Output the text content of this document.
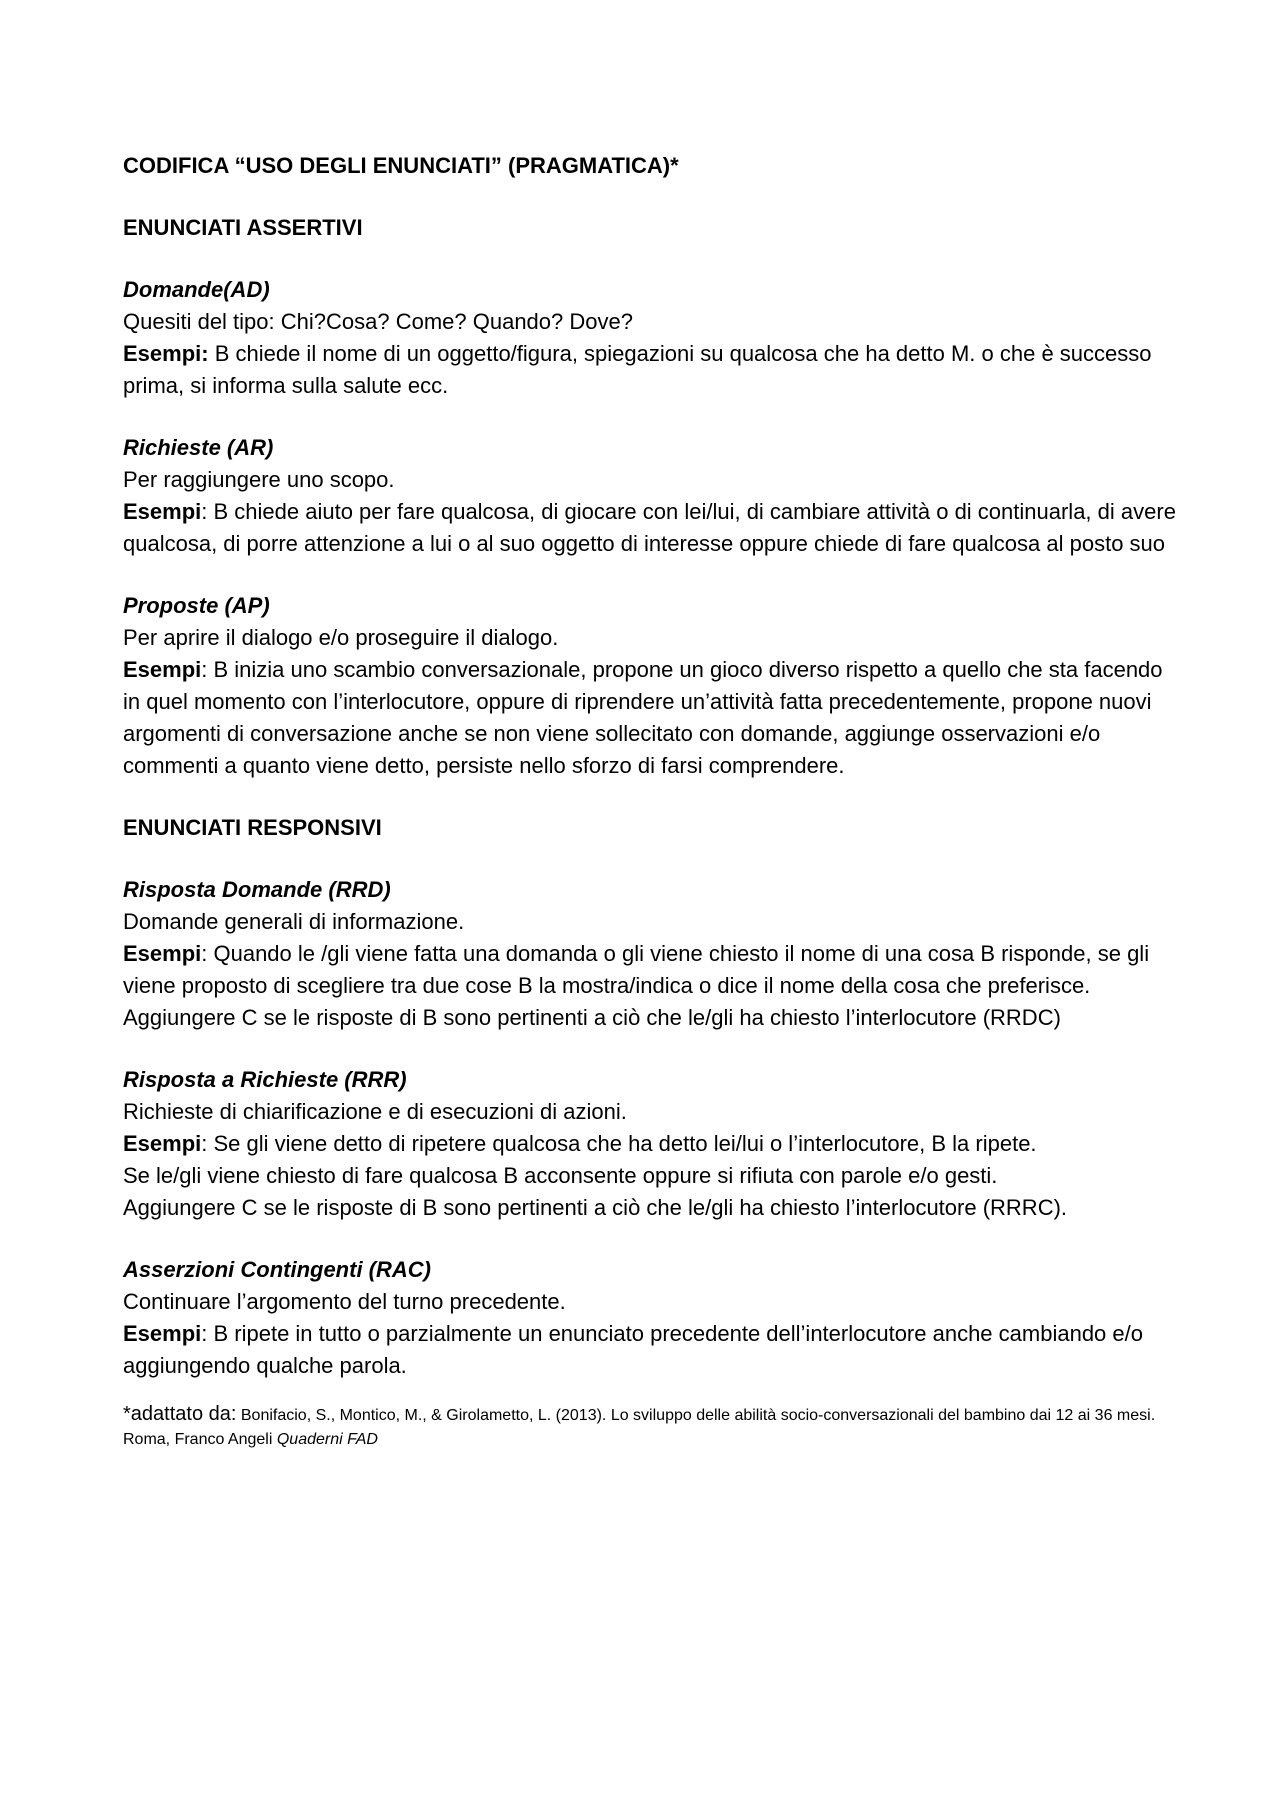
CODIFICA “USO DEGLI ENUNCIATI” (PRAGMATICA)*

ENUNCIATI ASSERTIVI

Domande(AD)
Quesiti del tipo: Chi?Cosa? Come? Quando? Dove?
Esempi: B chiede il nome di un oggetto/figura, spiegazioni su qualcosa che ha detto M. o che è successo prima, si informa sulla salute ecc.
Richieste (AR)
Per raggiungere uno scopo.
Esempi: B chiede aiuto per fare qualcosa, di giocare con lei/lui, di cambiare attività o di continuarla, di avere qualcosa, di porre attenzione a lui o al suo oggetto di interesse oppure chiede di fare qualcosa al posto suo
Proposte (AP)
Per aprire il dialogo e/o proseguire il dialogo.
Esempi: B inizia uno scambio conversazionale, propone un gioco diverso rispetto a quello che sta facendo in quel momento con l’interlocutore, oppure di riprendere un’attività fatta precedentemente, propone nuovi argomenti di conversazione anche se non viene sollecitato con domande, aggiunge osservazioni e/o commenti a quanto viene detto, persiste nello sforzo di farsi comprendere.

ENUNCIATI RESPONSIVI

Risposta Domande (RRD)
Domande generali di informazione.
Esempi: Quando le /gli viene fatta una domanda o gli viene chiesto il nome di una cosa B risponde, se gli viene proposto di scegliere tra due cose B la mostra/indica o dice il nome della cosa che preferisce.
Aggiungere C se le risposte di B sono pertinenti a ciò che le/gli ha chiesto l’interlocutore (RRDC)
Risposta a Richieste (RRR)
Richieste di chiarificazione e di esecuzioni di azioni.
Esempi: Se gli viene detto di ripetere qualcosa che ha detto lei/lui o l’interlocutore, B la ripete.
Se le/gli viene chiesto di fare qualcosa B acconsente oppure si rifiuta con parole e/o gesti.
Aggiungere C se le risposte di B sono pertinenti a ciò che le/gli ha chiesto l’interlocutore (RRRC).
Asserzioni Contingenti (RAC)
Continuare l’argomento del turno precedente.
Esempi: B ripete in tutto o parzialmente un enunciato precedente dell’interlocutore anche cambiando e/o aggiungendo qualche parola.
*adattato da: Bonifacio, S., Montico, M., & Girolametto, L. (2013). Lo sviluppo delle abilità socio-conversazionali del bambino dai 12 ai 36 mesi. Roma, Franco Angeli Quaderni FAD
